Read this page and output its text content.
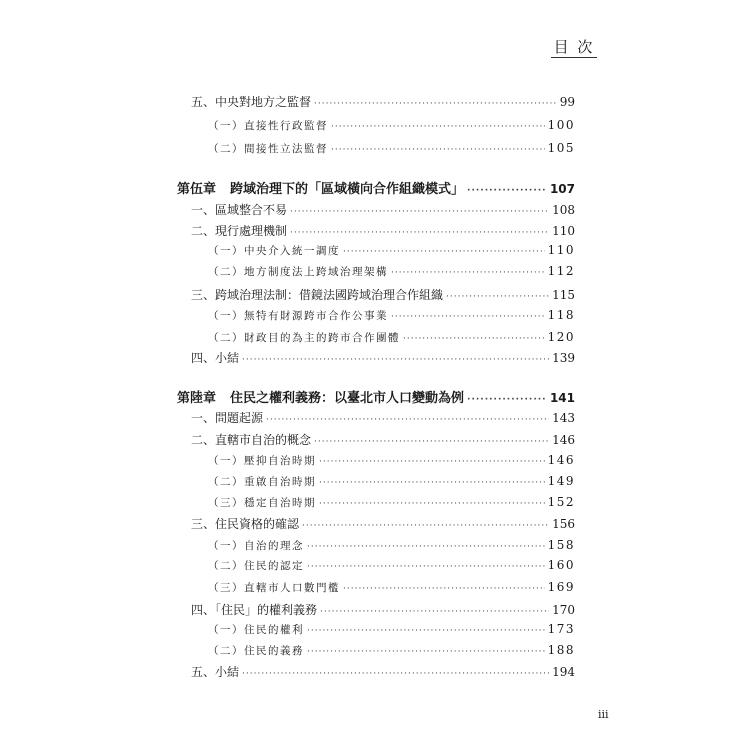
目 次
五、中央對地方之監督 ·····	99
（一）直接性行政監督 ·····	100
（二）間接性立法監督 ·····	105
第伍章 跨域治理下的「區域橫向合作組織模式」 ·····	107
一、區域整合不易 ·····	108
二、現行處理機制 ·····	110
（一）中央介入統一調度 ·····	110
（二）地方制度法上跨域治理架構 ·····	112
三、跨域治理法制：借鏡法國跨域治理合作組織 ·····	115
（一）無特有財源跨市合作公事業 ·····	118
（二）財政目的為主的跨市合作團體 ·····	120
四、小結 ·····	139
第陸章 住民之權利義務：以臺北市人口變動為例 ·····	141
一、問題起源 ·····	143
二、直轄市自治的概念 ·····	146
（一）壓抑自治時期 ·····	146
（二）重啟自治時期 ·····	149
（三）穩定自治時期 ·····	152
三、住民資格的確認 ·····	156
（一）自治的理念 ·····	158
（二）住民的認定 ·····	160
（三）直轄市人口數門檻 ·····	169
四、「住民」的權利義務 ·····	170
（一）住民的權利 ·····	173
（二）住民的義務 ·····	188
五、小結 ·····	194
iii
